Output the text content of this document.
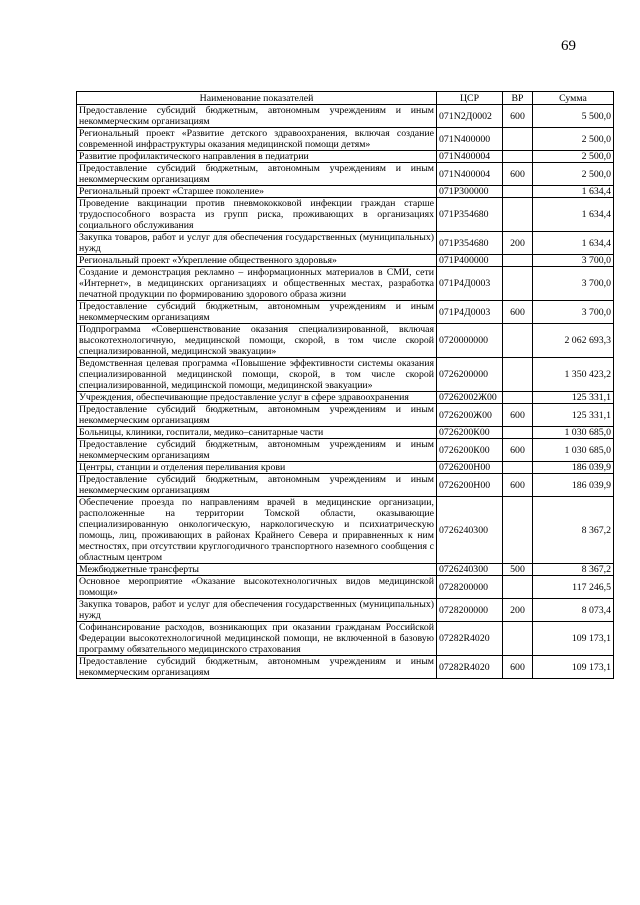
69
Наименование показателей	ЦСР	ВР	Сумма
Предоставление субсидий бюджетным, автономным учреждениям и иным некоммерческим организациям	071N2Д0002	600	5 500,0
Региональный проект «Развитие детского здравоохранения, включая создание современной инфраструктуры оказания медицинской помощи детям»	071N400000		2 500,0
Развитие профилактического направления в педиатрии	071N400004		2 500,0
Предоставление субсидий бюджетным, автономным учреждениям и иным некоммерческим организациям	071N400004	600	2 500,0
Региональный проект «Старшее поколение»	071P300000		1 634,4
Проведение вакцинации против пневмококковой инфекции граждан старше трудоспособного возраста из групп риска, проживающих в организациях социального обслуживания	071P354680		1 634,4
Закупка товаров, работ и услуг для обеспечения государственных (муниципальных) нужд	071P354680	200	1 634,4
Региональный проект «Укрепление общественного здоровья»	071P400000		3 700,0
Создание и демонстрация рекламно – информационных материалов в СМИ, сети «Интернет», в медицинских организациях и общественных местах, разработка печатной продукции по формированию здорового образа жизни	071P4Д0003		3 700,0
Предоставление субсидий бюджетным, автономным учреждениям и иным некоммерческим организациям	071P4Д0003	600	3 700,0
Подпрограмма «Совершенствование оказания специализированной, включая высокотехнологичную, медицинской помощи, скорой, в том числе скорой специализированной, медицинской эвакуации»	0720000000		2 062 693,3
Ведомственная целевая программа «Повышение эффективности системы оказания специализированной медицинской помощи, скорой, в том числе скорой специализированной, медицинской помощи, медицинской эвакуации»	0726200000		1 350 423,2
Учреждения, обеспечивающие предоставление услуг в сфере здравоохранения	07262002Ж00		125 331,1
Предоставление субсидий бюджетным, автономным учреждениям и иным некоммерческим организациям	0726200Ж00	600	125 331,1
Больницы, клиники, госпитали, медико–санитарные части	0726200К00		1 030 685,0
Предоставление субсидий бюджетным, автономным учреждениям и иным некоммерческим организациям	0726200К00	600	1 030 685,0
Центры, станции и отделения переливания крови	0726200Н00		186 039,9
Предоставление субсидий бюджетным, автономным учреждениям и иным некоммерческим организациям	0726200Н00	600	186 039,9
Обеспечение проезда по направлениям врачей в медицинские организации, расположенные на территории Томской области, оказывающие специализированную онкологическую, наркологическую и психиатрическую помощь, лиц, проживающих в районах Крайнего Севера и приравненных к ним местностях, при отсутствии круглогодичного транспортного наземного сообщения с областным центром	0726240300		8 367,2
Межбюджетные трансферты	0726240300	500	8 367,2
Основное мероприятие «Оказание высокотехнологичных видов медицинской помощи»	0728200000		117 246,5
Закупка товаров, работ и услуг для обеспечения государственных (муниципальных) нужд	0728200000	200	8 073,4
Софинансирование расходов, возникающих при оказании гражданам Российской Федерации высокотехнологичной медицинской помощи, не включенной в базовую программу обязательного медицинского страхования	07282R4020		109 173,1
Предоставление субсидий бюджетным, автономным учреждениям и иным некоммерческим организациям	07282R4020	600	109 173,1
